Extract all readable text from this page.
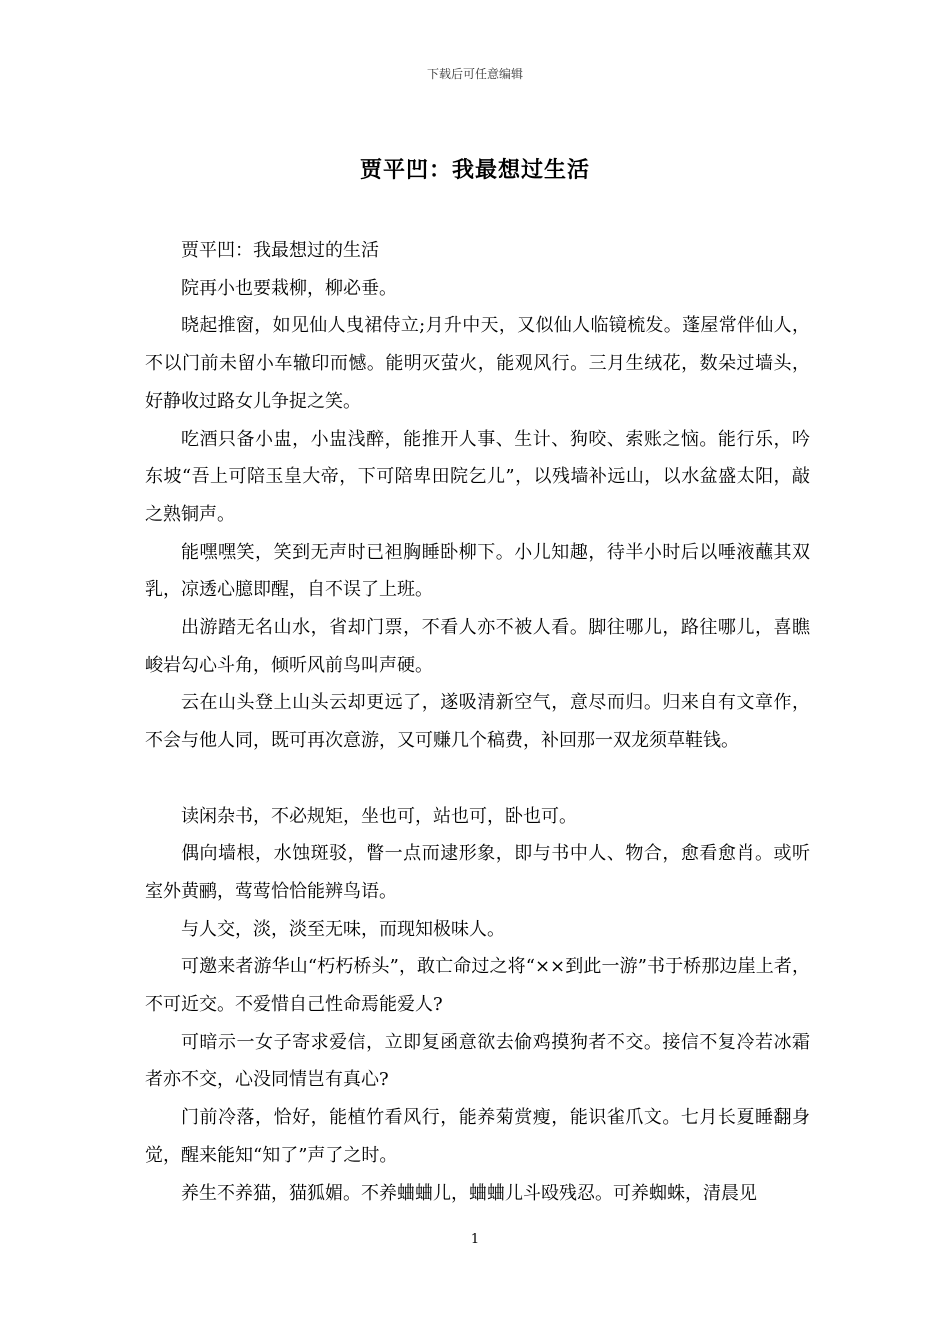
下载后可任意编辑
贾平凹：我最想过生活

贾平凹：我最想过的生活

院再小也要栽柳，柳必垂。

晓起推窗，如见仙人曳裙侍立;月升中天，又似仙人临镜梳发。蓬屋常伴仙人，不以门前未留小车辙印而憾。能明灭萤火，能观风行。三月生绒花，数朵过墙头，好静收过路女儿争捉之笑。

吃酒只备小盅，小盅浅醉，能推开人事、生计、狗咬、索账之恼。能行乐，吟东坡“吾上可陪玉皇大帝，下可陪卑田院乞儿”，以残墙补远山，以水盆盛太阳，敲之熟铜声。

能嘿嘿笑，笑到无声时已袒胸睡卧柳下。小儿知趣，待半小时后以唾液蘸其双乳，凉透心臆即醒，自不误了上班。

出游踏无名山水，省却门票，不看人亦不被人看。脚往哪儿，路往哪儿，喜瞧峻岩勾心斗角，倾听风前鸟叫声硬。

云在山头登上山头云却更远了，遂吸清新空气，意尽而归。归来自有文章作，不会与他人同，既可再次意游，又可赚几个稿费，补回那一双龙须草鞋钱。

读闲杂书，不必规矩，坐也可，站也可，卧也可。

偶向墙根，水蚀斑驳，瞥一点而逮形象，即与书中人、物合，愈看愈肖。或听室外黄鹂，莺莺恰恰能辨鸟语。

与人交，淡，淡至无味，而现知极味人。

可邀来者游华山“朽朽桥头”，敢亡命过之将“××到此一游”书于桥那边崖上者，不可近交。不爱惜自己性命焉能爱人?

可暗示一女子寄求爱信，立即复函意欲去偷鸡摸狗者不交。接信不复冷若冰霜者亦不交，心没同情岂有真心?

门前冷落，恰好，能植竹看风行，能养菊赏瘦，能识雀爪文。七月长夏睡翻身觉，醒来能知“知了”声了之时。

养生不养猫，猫狐媚。不养蛐蛐儿，蛐蛐儿斗殴残忍。可养蜘蛛，清晨见

1
